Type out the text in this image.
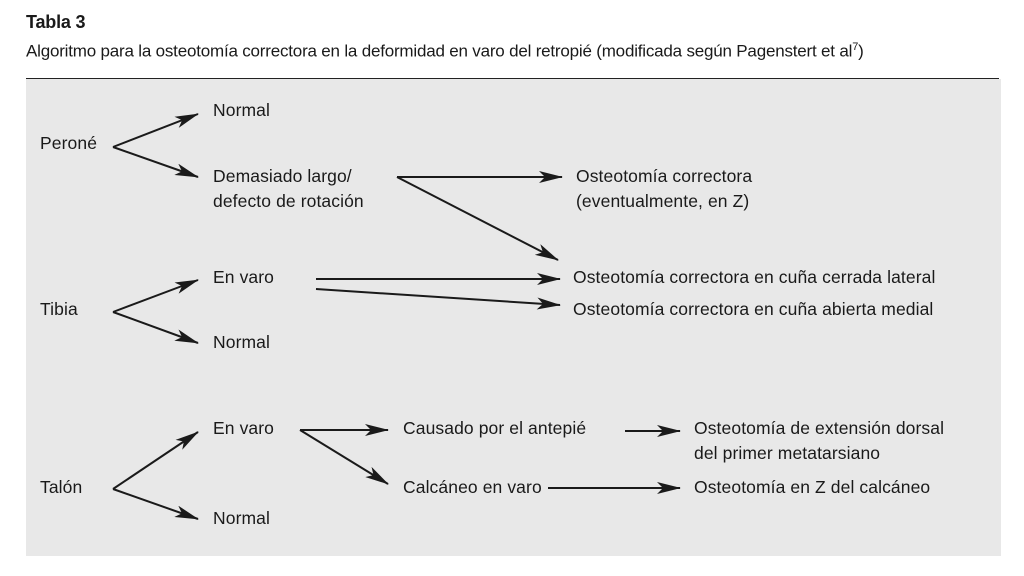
Tabla 3
Algoritmo para la osteotomía correctora en la deformidad en varo del retropié (modificada según Pagenstert et $al^7$)
Peroné
Normal
Demasiado largo/
defecto de rotación
Osteotomía correctora
(eventualmente, en Z)
Tibia
En varo
Normal
Osteotomía correctora en cuña cerrada lateral
Osteotomía correctora en cuña abierta medial
Talón
En varo
Normal
Causado por el antepié
Calcáneo en varo
Osteotomía de extensión dorsal
del primer metatarsiano
Osteotomía en Z del calcáneo
